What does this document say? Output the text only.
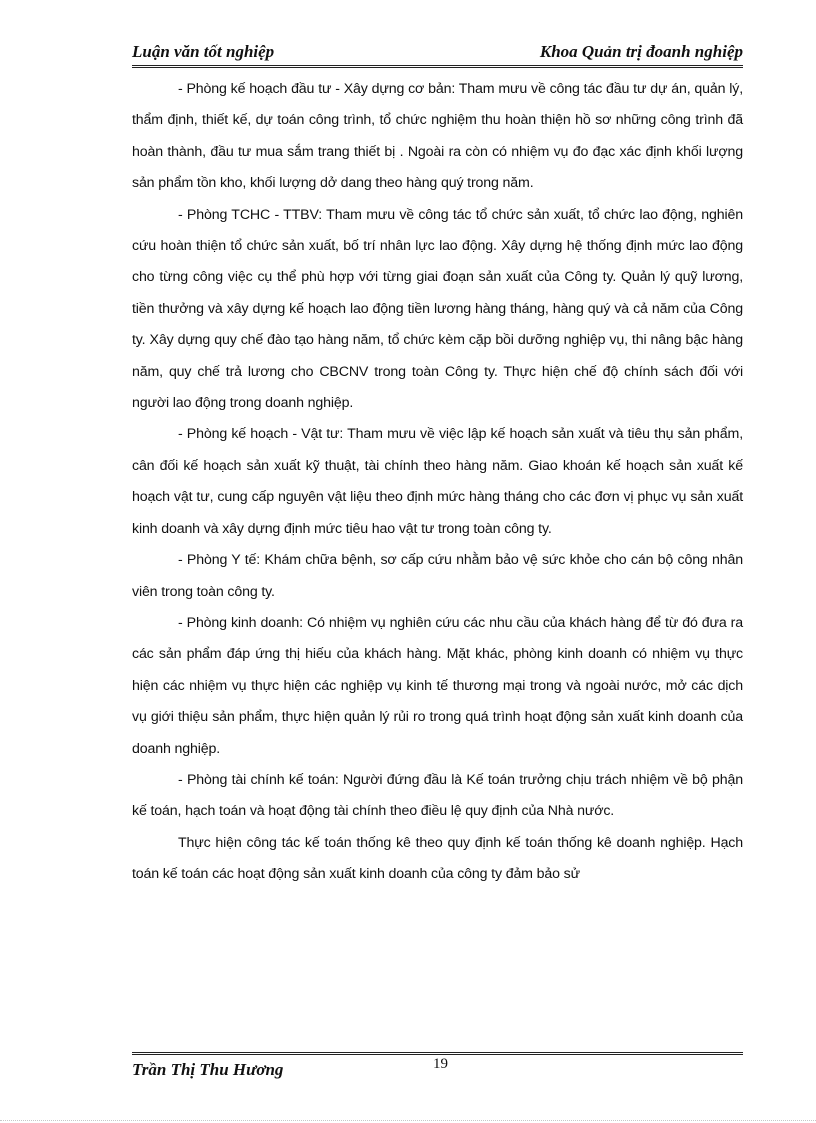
Luận văn tốt nghiệp	Khoa Quản trị đoanh nghiệp

- Phòng kế hoạch đầu tư - Xây dựng cơ bản: Tham mưu về công tác đầu tư dự án, quản lý, thẩm định, thiết kế, dự toán công trình, tổ chức nghiệm thu hoàn thiện hồ sơ những công trình đã hoàn thành, đầu tư mua sắm trang thiết bị . Ngoài ra còn có nhiệm vụ đo đạc xác định khối lượng sản phẩm tồn kho, khối lượng dở dang theo hàng quý trong năm.

- Phòng TCHC - TTBV: Tham mưu về công tác tổ chức sản xuất, tổ chức lao động, nghiên cứu hoàn thiện tổ chức sản xuất, bố trí nhân lực lao động. Xây dựng hệ thống định mức lao động cho từng công việc cụ thể phù hợp với từng giai đoạn sản xuất của Công ty. Quản lý quỹ lương, tiền thưởng và xây dựng kế hoạch lao động tiền lương hàng tháng, hàng quý và cả năm của Công ty. Xây dựng quy chế đào tạo hàng năm, tổ chức kèm cặp bồi dưỡng nghiệp vụ, thi nâng bậc hàng năm, quy chế trả lương cho CBCNV trong toàn Công ty. Thực hiện chế độ chính sách đối với người lao động trong doanh nghiệp.

- Phòng kế hoạch - Vật tư: Tham mưu về việc lập kế hoạch sản xuất và tiêu thụ sản phẩm, cân đối kế hoạch sản xuất kỹ thuật, tài chính theo hàng năm. Giao khoán kế hoạch sản xuất kế hoạch vật tư, cung cấp nguyên vật liệu theo định mức hàng tháng cho các đơn vị phục vụ sản xuất kinh doanh và xây dựng định mức tiêu hao vật tư trong toàn công ty.

- Phòng Y tế: Khám chữa bệnh, sơ cấp cứu nhằm bảo vệ sức khỏe cho cán bộ công nhân viên trong toàn công ty.

- Phòng kinh doanh: Có nhiệm vụ nghiên cứu các nhu cầu của khách hàng để từ đó đưa ra các sản phẩm đáp ứng thị hiếu của khách hàng. Mặt khác, phòng kinh doanh có nhiệm vụ thực hiện các nhiệm vụ thực hiện các nghiệp vụ kinh tế thương mại trong và ngoài nước, mở các dịch vụ giới thiệu sản phẩm, thực hiện quản lý rủi ro trong quá trình hoạt động sản xuất kinh doanh của doanh nghiệp.

- Phòng tài chính kế toán: Người đứng đầu là Kế toán trưởng chịu trách nhiệm về bộ phận kế toán, hạch toán và hoạt động tài chính theo điều lệ quy định của Nhà nước.

Thực hiện công tác kế toán thống kê theo quy định kế toán thống kê doanh nghiệp. Hạch toán kế toán các hoạt động sản xuất kinh doanh của công ty đảm bảo sử

Trần Thị Thu Hương	19
